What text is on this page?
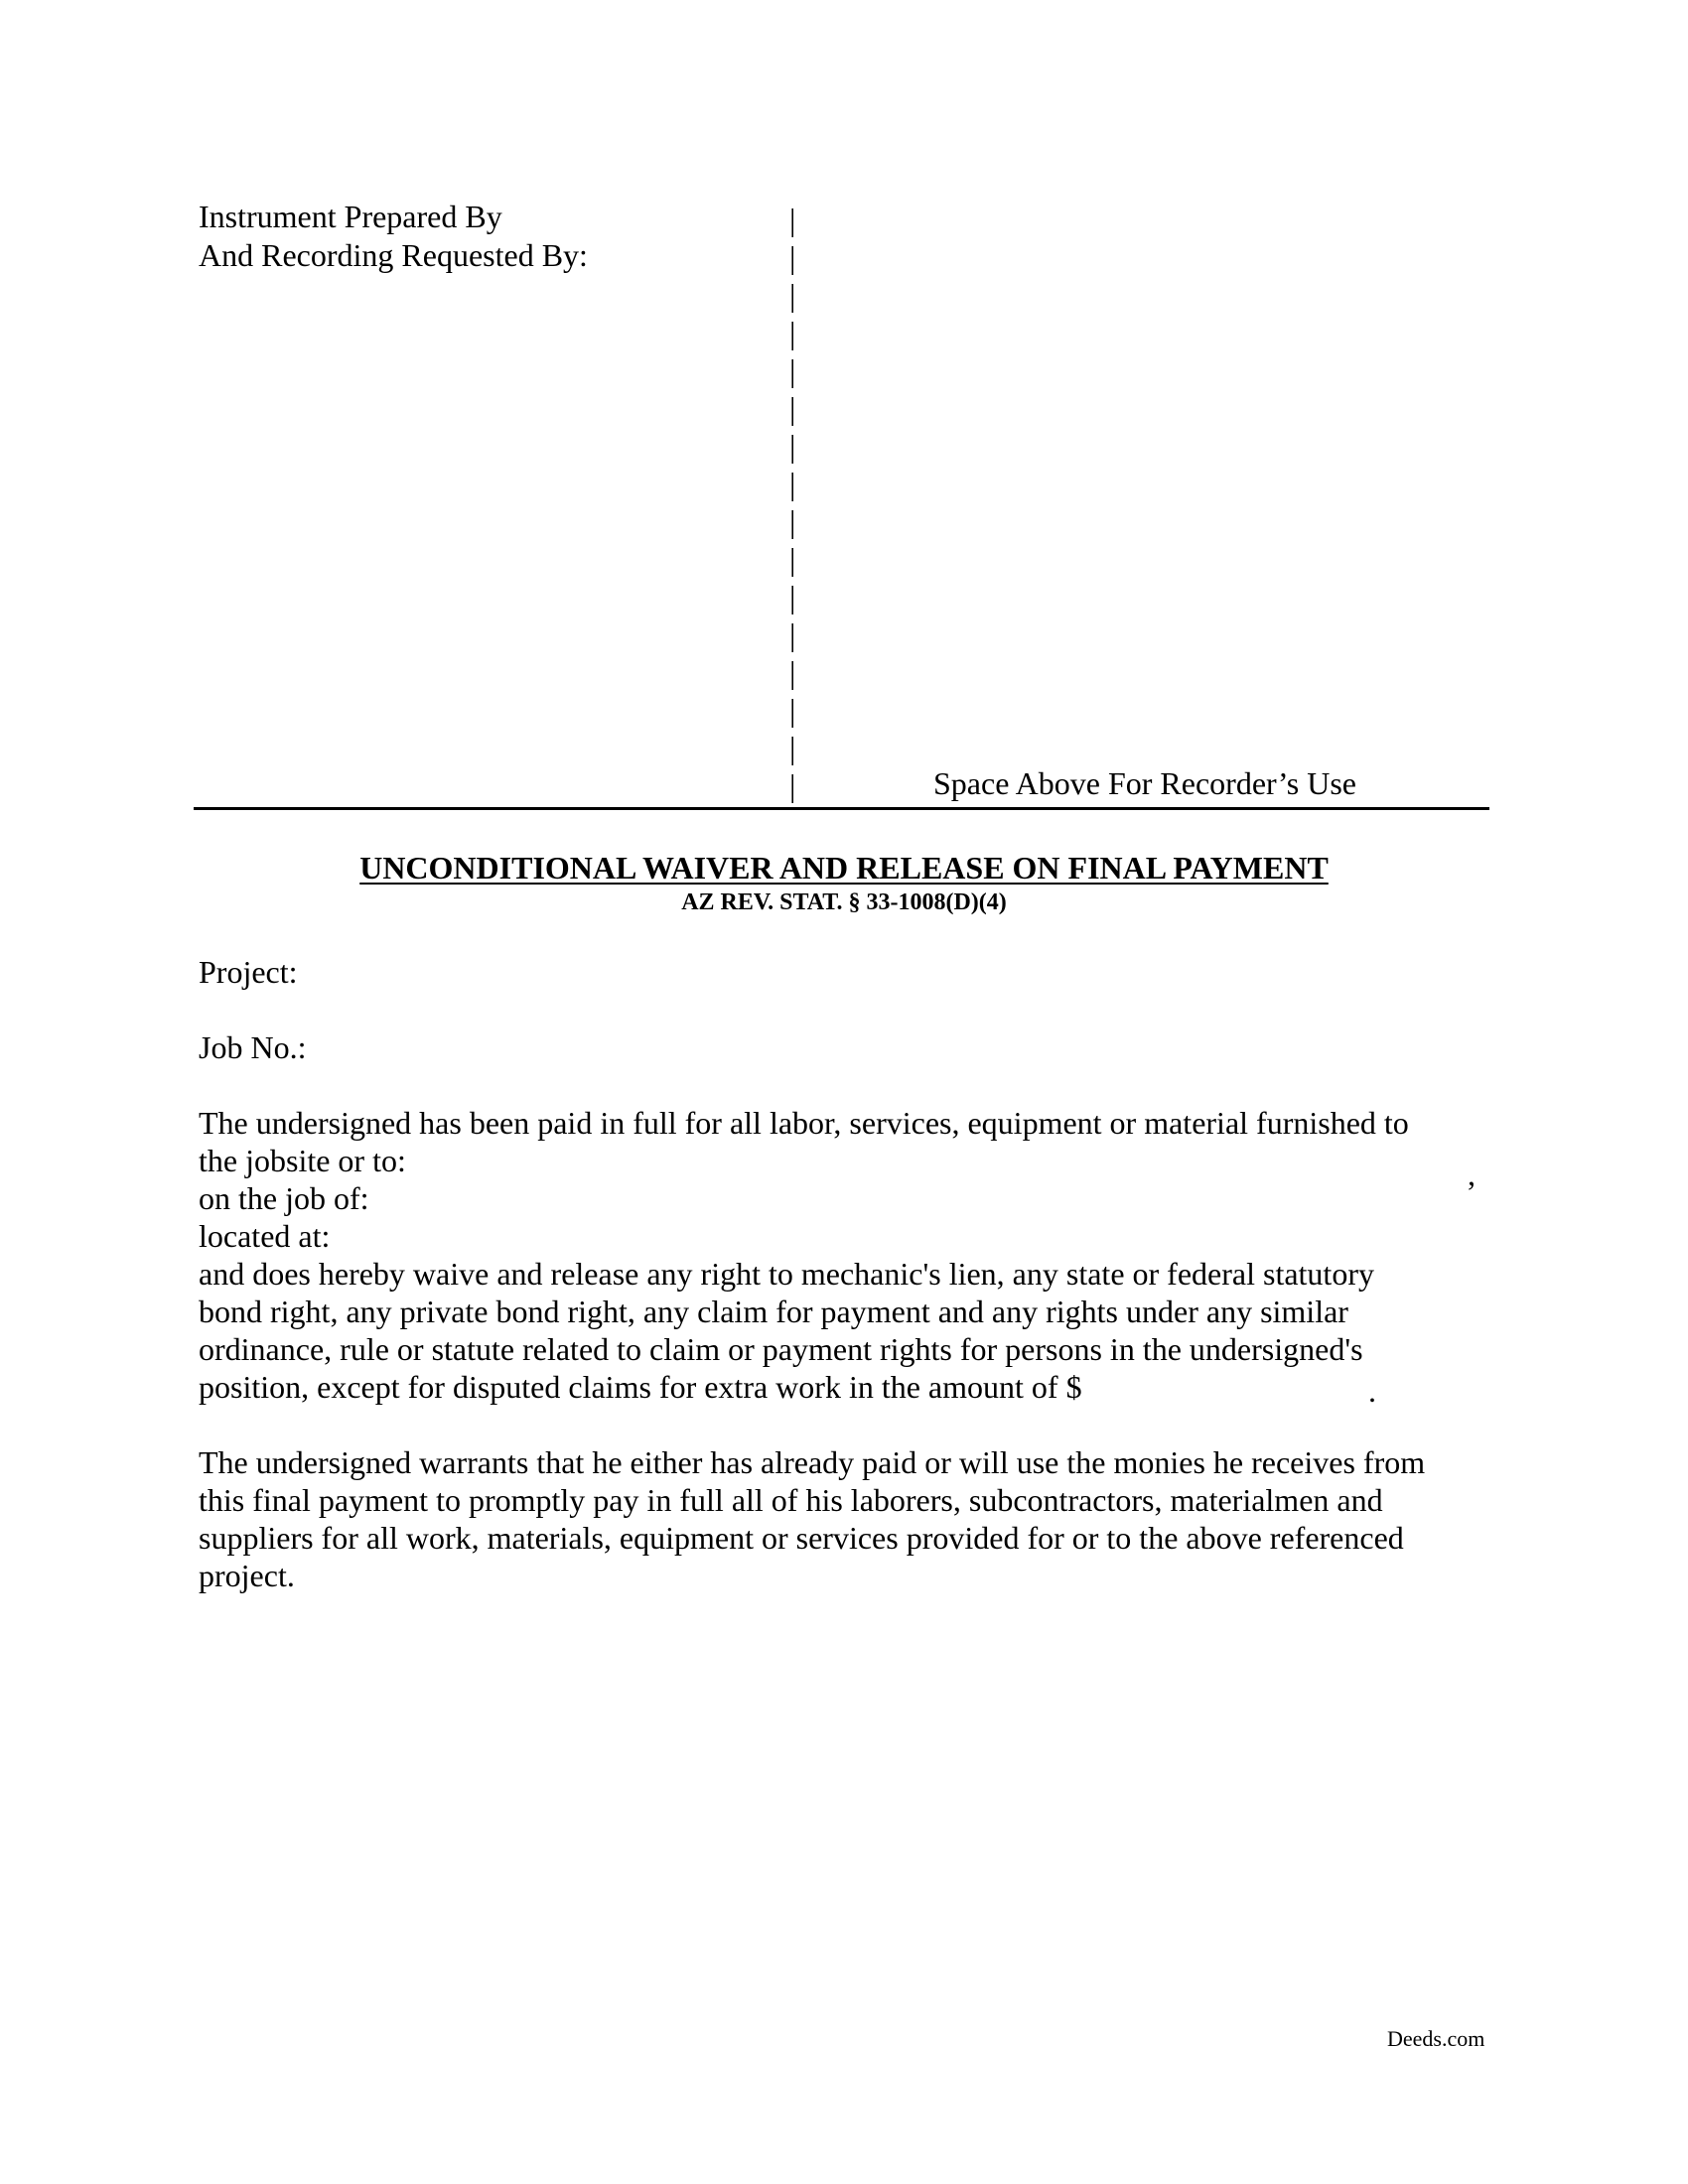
Instrument Prepared By
And Recording Requested By:
|
|
|
|
|
|
|
|
|
|
|
|
|
|
|
|	Space Above For Recorder’s Use
UNCONDITIONAL WAIVER AND RELEASE ON FINAL PAYMENT
AZ REV. STAT. § 33-1008(D)(4)
Project:
Job No.:
The undersigned has been paid in full for all labor, services, equipment or material furnished to
the jobsite or to:	,
on the job of:
located at:
and does hereby waive and release any right to mechanic's lien, any state or federal statutory
bond right, any private bond right, any claim for payment and any rights under any similar
ordinance, rule or statute related to claim or payment rights for persons in the undersigned's
position, except for disputed claims for extra work in the amount of $	.
The undersigned warrants that he either has already paid or will use the monies he receives from
this final payment to promptly pay in full all of his laborers, subcontractors, materialmen and
suppliers for all work, materials, equipment or services provided for or to the above referenced
project.
Deeds.com
